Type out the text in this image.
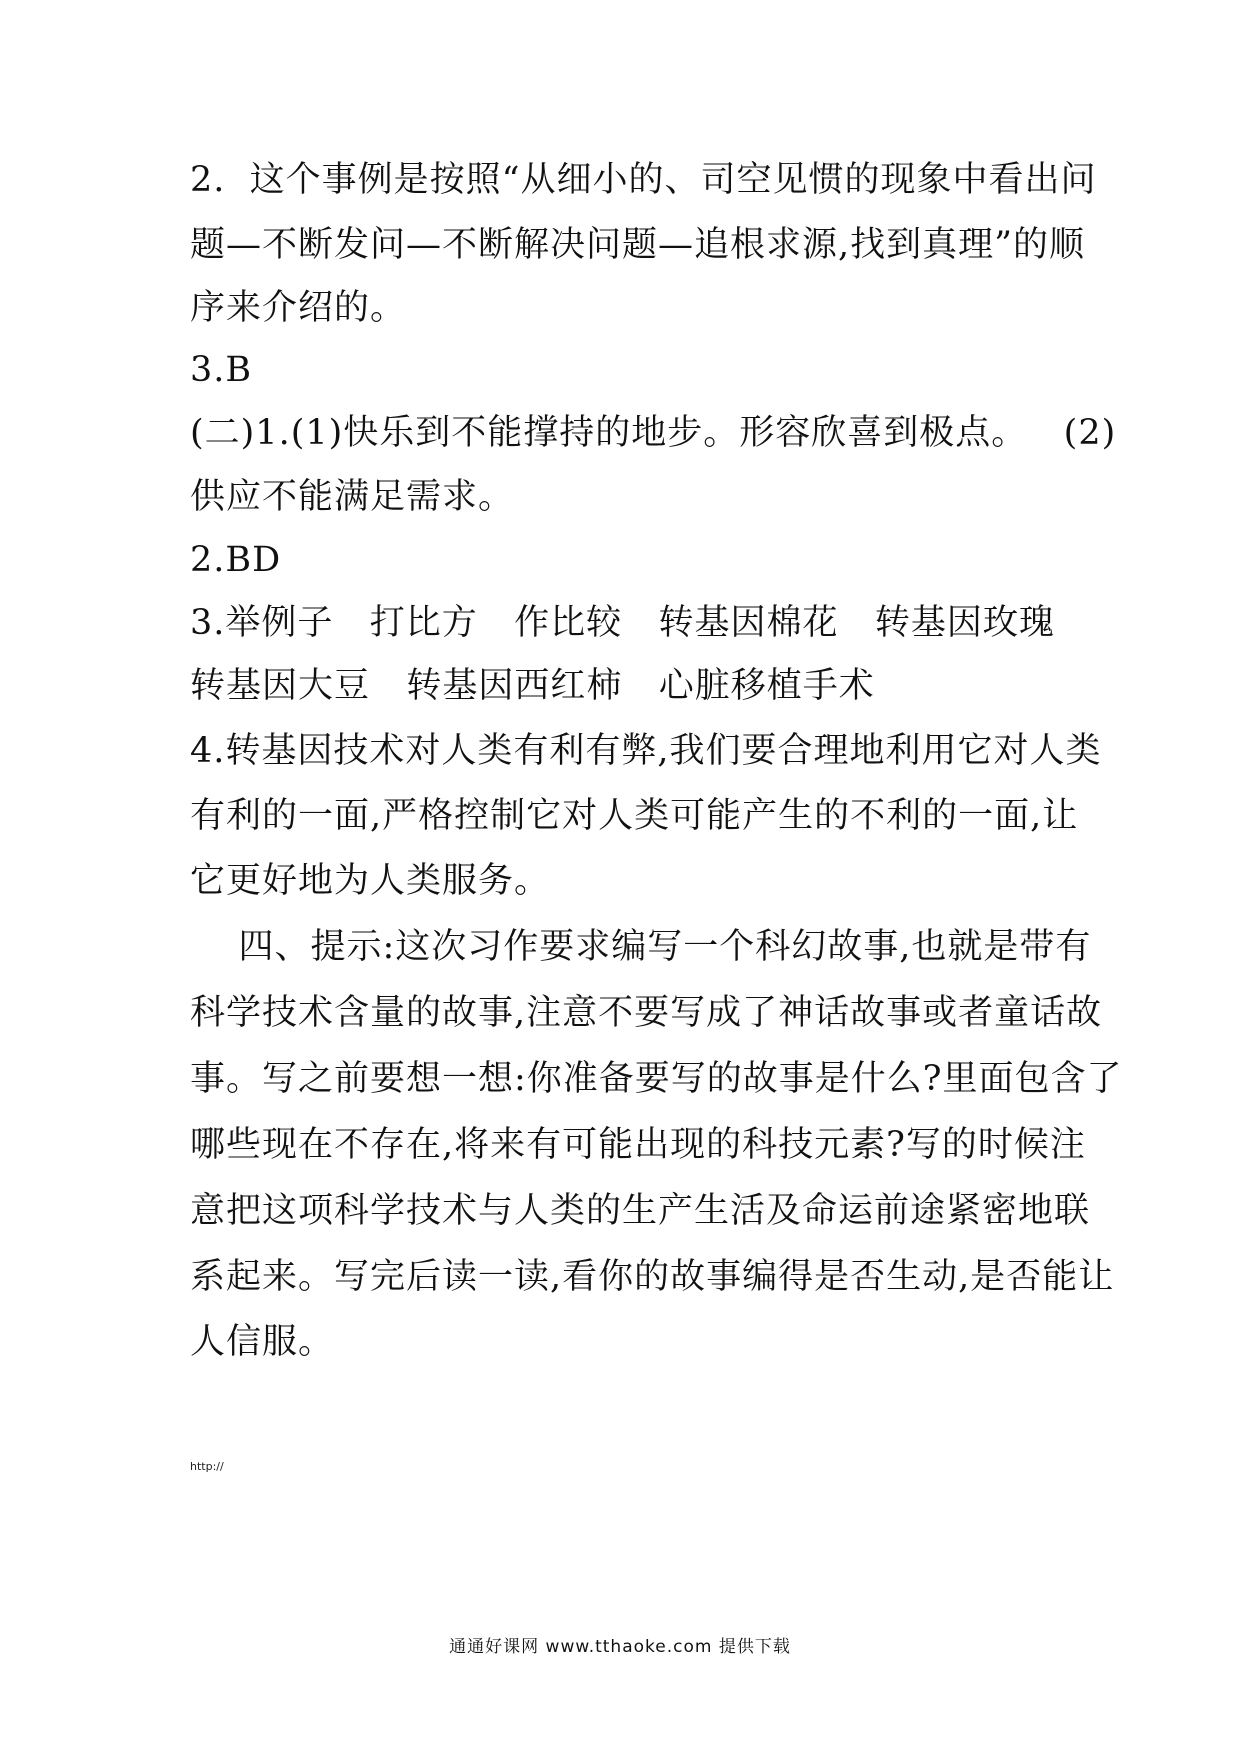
2.  这个事例是按照“从细小的、司空见惯的现象中看出问
题—不断发问—不断解决问题—追根求源,找到真理”的顺
序来介绍的。
3.B
(二)1.(1)快乐到不能撑持的地步。形容欣喜到极点。   (2)
供应不能满足需求。
2.BD
3.举例子   打比方   作比较   转基因棉花   转基因玫瑰
转基因大豆   转基因西红柿   心脏移植手术
4.转基因技术对人类有利有弊,我们要合理地利用它对人类
有利的一面,严格控制它对人类可能产生的不利的一面,让
它更好地为人类服务。
四、提示:这次习作要求编写一个科幻故事,也就是带有
科学技术含量的故事,注意不要写成了神话故事或者童话故
事。写之前要想一想:你准备要写的故事是什么?里面包含了
哪些现在不存在,将来有可能出现的科技元素?写的时候注
意把这项科学技术与人类的生产生活及命运前途紧密地联
系起来。写完后读一读,看你的故事编得是否生动,是否能让
人信服。
http://
通通好课网 www.tthaoke.com 提供下载
